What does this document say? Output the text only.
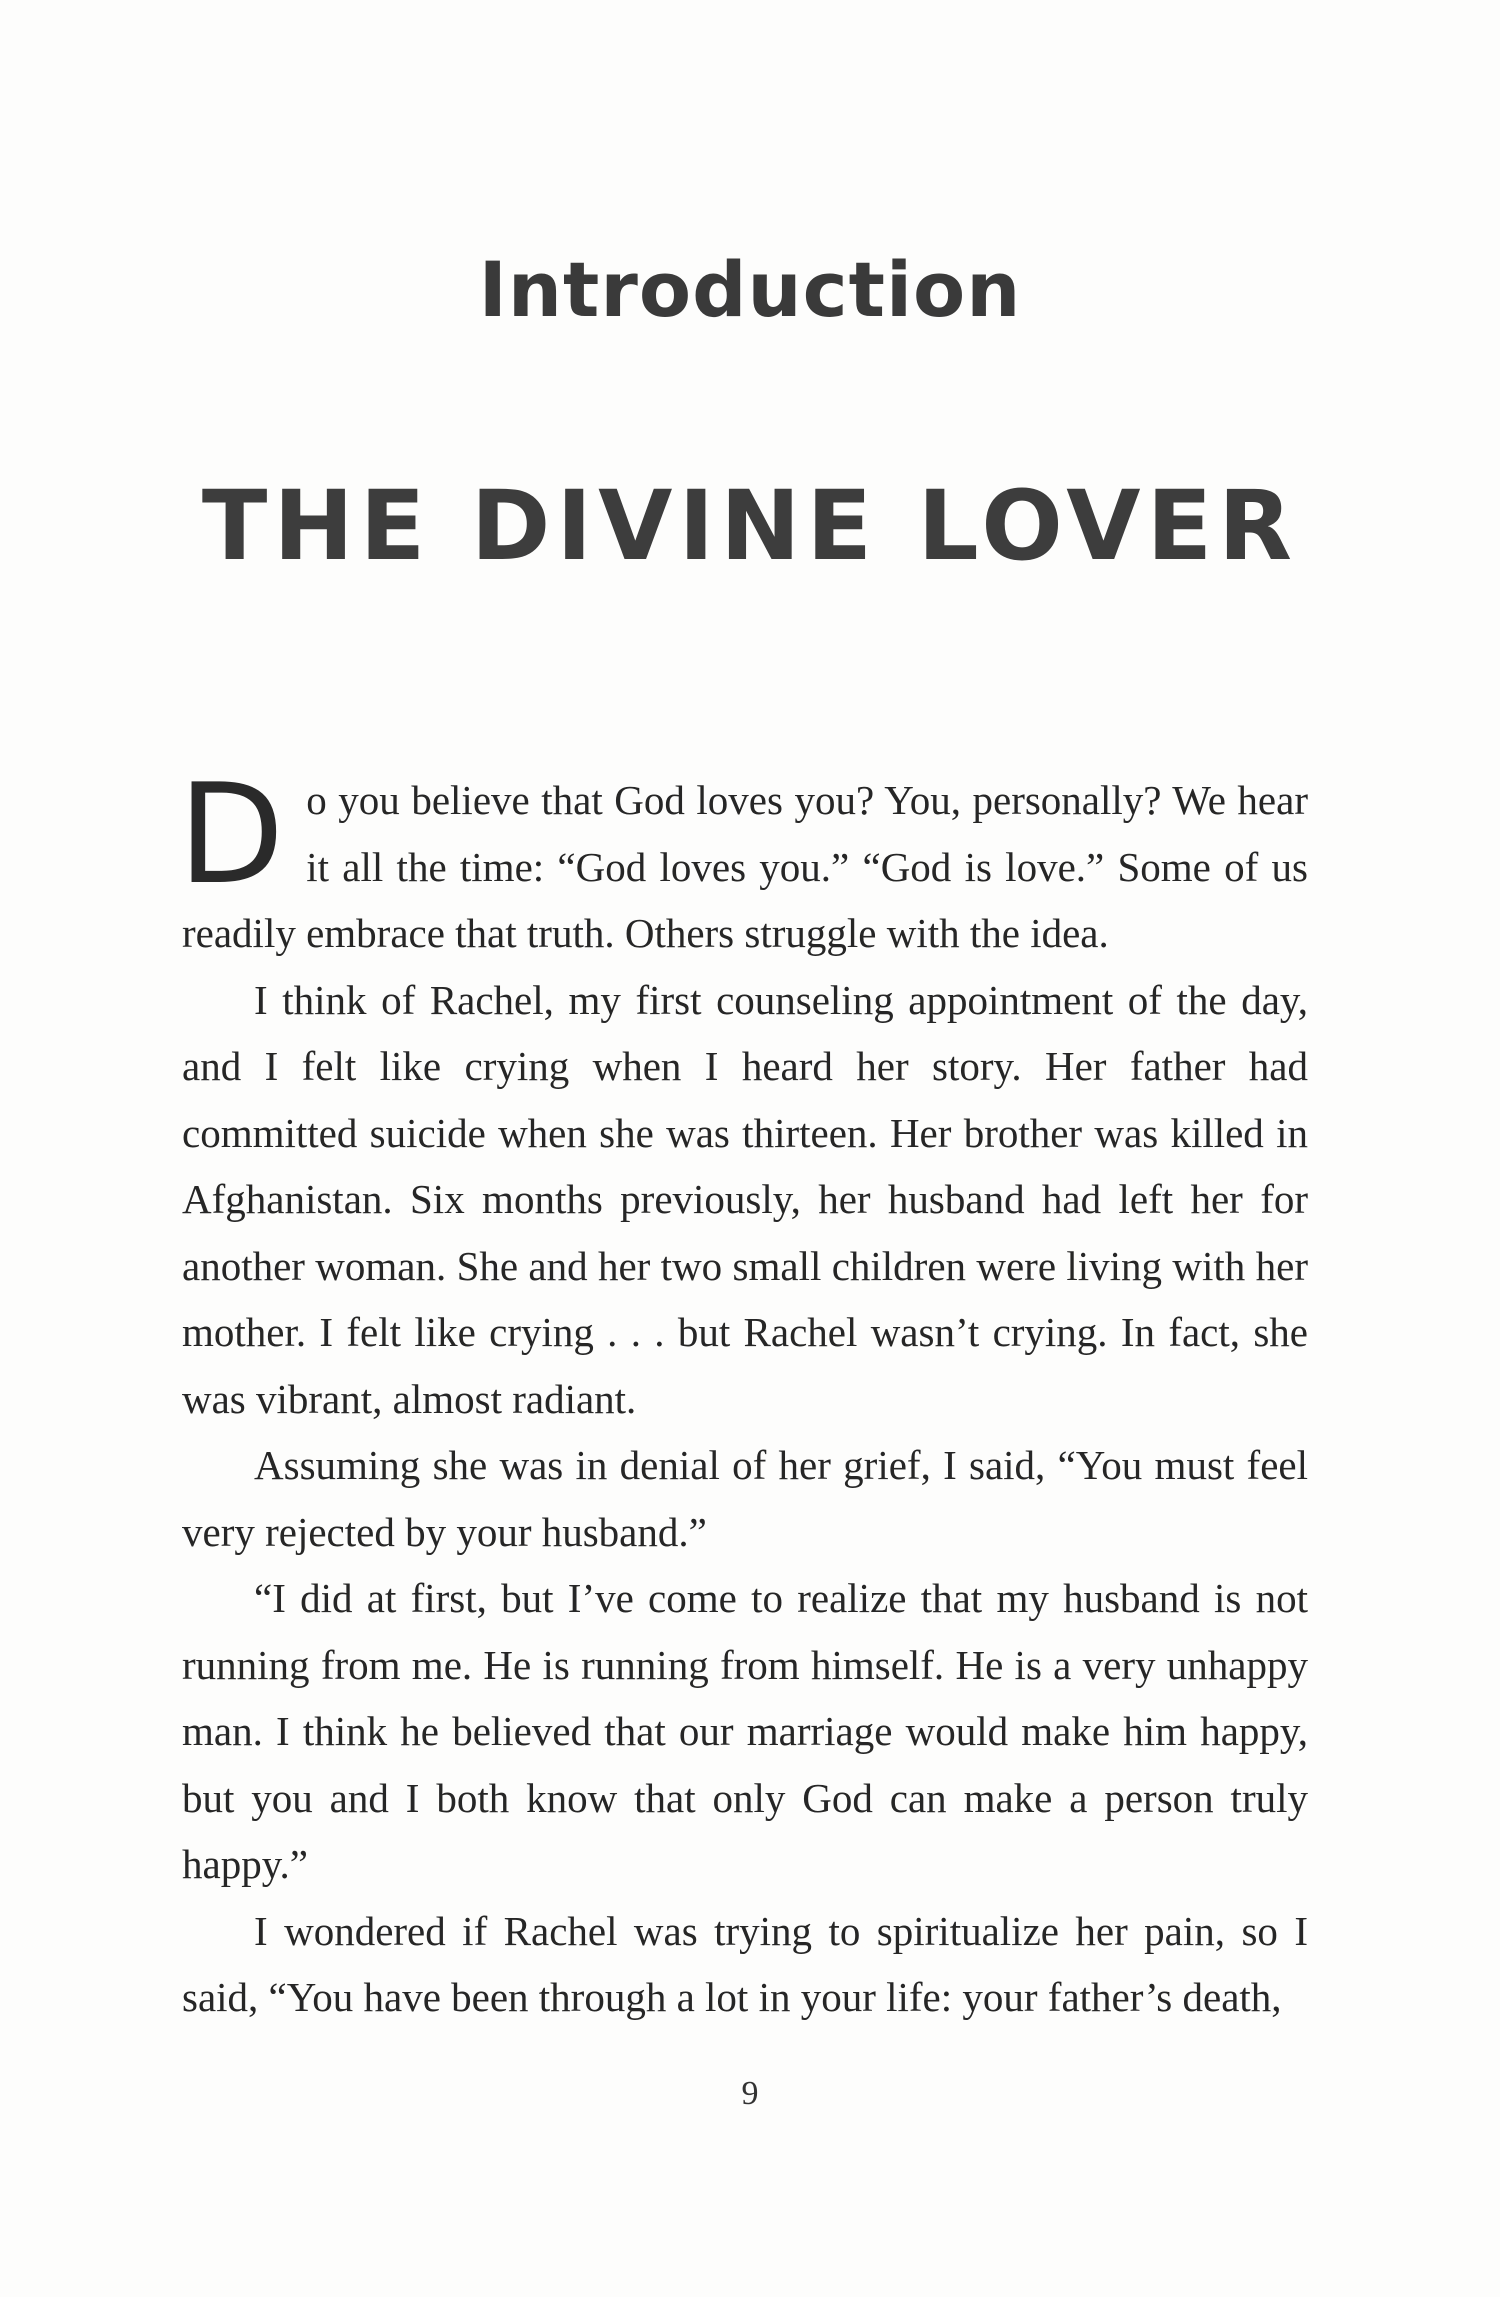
Introduction
THE DIVINE LOVER

Do you believe that God loves you? You, personally? We hear it all the time: “God loves you.” “God is love.” Some of us readily embrace that truth. Others struggle with the idea.

I think of Rachel, my first counseling appointment of the day, and I felt like crying when I heard her story. Her father had committed suicide when she was thirteen. Her brother was killed in Afghanistan. Six months previously, her husband had left her for another woman. She and her two small children were living with her mother. I felt like crying . . . but Rachel wasn’t crying. In fact, she was vibrant, almost radiant.

Assuming she was in denial of her grief, I said, “You must feel very rejected by your husband.”

“I did at first, but I’ve come to realize that my husband is not running from me. He is running from himself. He is a very unhappy man. I think he believed that our marriage would make him happy, but you and I both know that only God can make a person truly happy.”

I wondered if Rachel was trying to spiritualize her pain, so I said, “You have been through a lot in your life: your father’s death,

9
